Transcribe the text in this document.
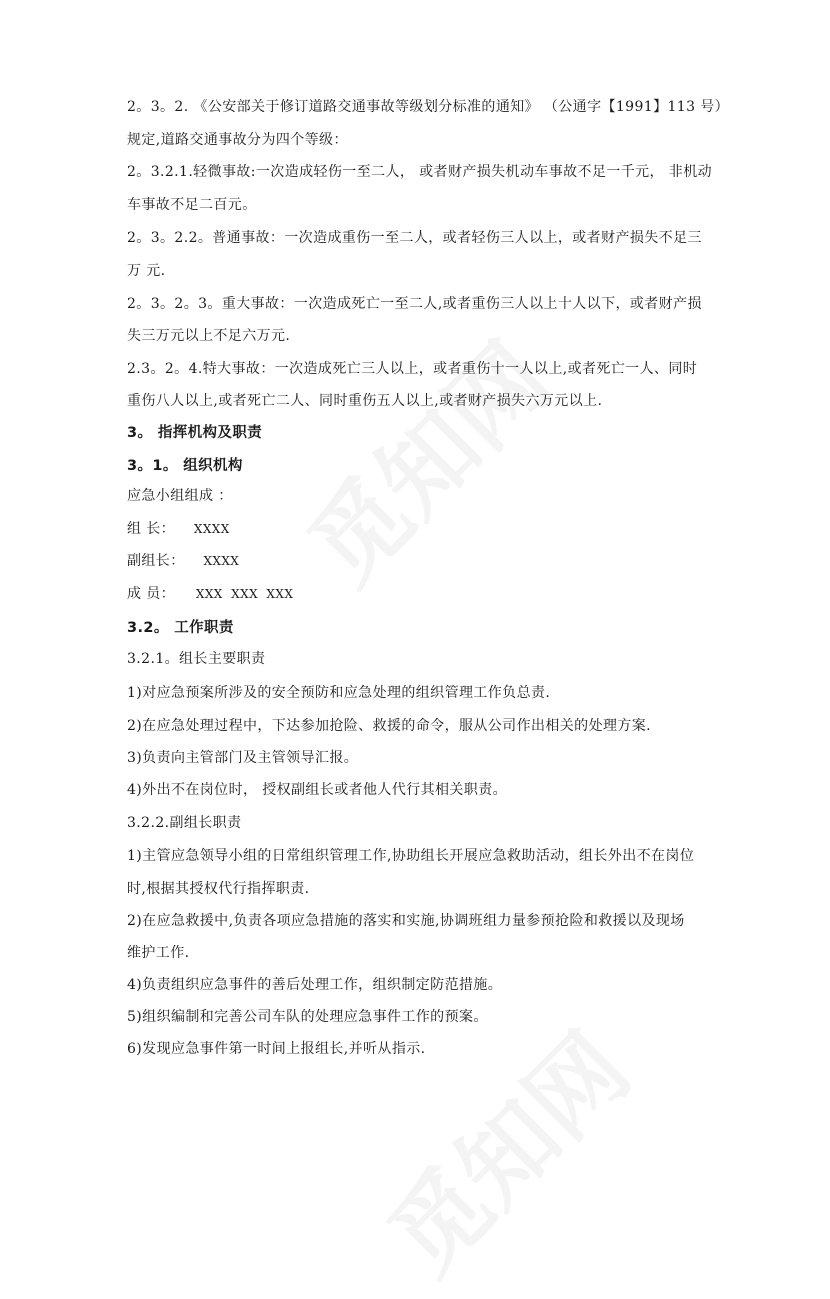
2。3。2. 《公安部关于修订道路交通事故等级划分标准的通知》 （公通字【1991】113 号）
规定,道路交通事故分为四个等级：
2。3.2.1.轻微事故:一次造成轻伤一至二人， 或者财产损失机动车事故不足一千元， 非机动
车事故不足二百元。
2。3。2.2。普通事故：一次造成重伤一至二人，或者轻伤三人以上，或者财产损失不足三
万 元.
2。3。2。3。重大事故：一次造成死亡一至二人,或者重伤三人以上十人以下，或者财产损
失三万元以上不足六万元.
2.3。2。4.特大事故：一次造成死亡三人以上，或者重伤十一人以上,或者死亡一人、同时
重伤八人以上,或者死亡二人、同时重伤五人以上,或者财产损失六万元以上.
3。 指挥机构及职责
3。1。 组织机构
应急小组组成 ：
组 长： XXXX
副组长： XXXX
成 员： XXX  XXX  XXX
3.2。 工作职责
3.2.1。组长主要职责
1)对应急预案所涉及的安全预防和应急处理的组织管理工作负总责.
2)在应急处理过程中，下达参加抢险、救援的命令，服从公司作出相关的处理方案.
3)负责向主管部门及主管领导汇报。
4)外出不在岗位时， 授权副组长或者他人代行其相关职责。
3.2.2.副组长职责
1)主管应急领导小组的日常组织管理工作,协助组长开展应急救助活动，组长外出不在岗位
时,根据其授权代行指挥职责.
2)在应急救援中,负责各项应急措施的落实和实施,协调班组力量参预抢险和救援以及现场
维护工作.
4)负责组织应急事件的善后处理工作，组织制定防范措施。
5)组织编制和完善公司车队的处理应急事件工作的预案。
6)发现应急事件第一时间上报组长,并听从指示.
